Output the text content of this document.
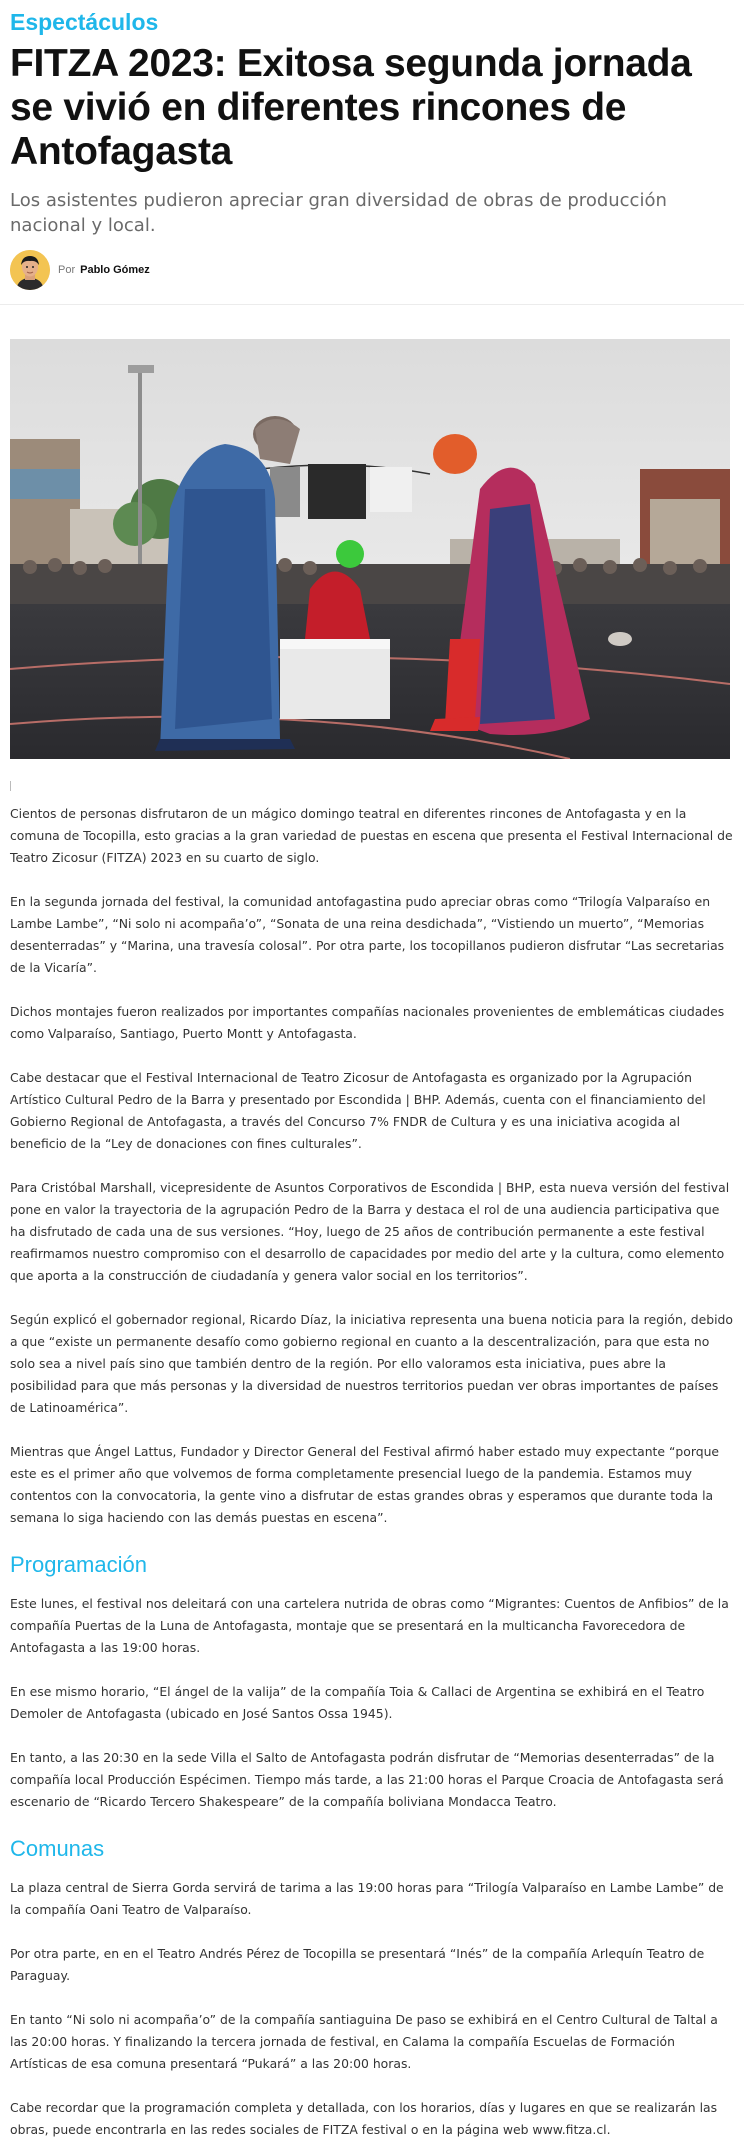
Espectáculos
FITZA 2023: Exitosa segunda jornada se vivió en diferentes rincones de Antofagasta

Los asistentes pudieron apreciar gran diversidad de obras de producción nacional y local.

Por Pablo Gómez

Cientos de personas disfrutaron de un mágico domingo teatral en diferentes rincones de Antofagasta y en la comuna de Tocopilla, esto gracias a la gran variedad de puestas en escena que presenta el Festival Internacional de Teatro Zicosur (FITZA) 2023 en su cuarto de siglo.

En la segunda jornada del festival, la comunidad antofagastina pudo apreciar obras como “Trilogía Valparaíso en Lambe Lambe”, “Ni solo ni acompaña’o”, “Sonata de una reina desdichada”, “Vistiendo un muerto”, “Memorias desenterradas” y “Marina, una travesía colosal”. Por otra parte, los tocopillanos pudieron disfrutar “Las secretarias de la Vicaría”.

Dichos montajes fueron realizados por importantes compañías nacionales provenientes de emblemáticas ciudades como Valparaíso, Santiago, Puerto Montt y Antofagasta.

Cabe destacar que el Festival Internacional de Teatro Zicosur de Antofagasta es organizado por la Agrupación Artístico Cultural Pedro de la Barra y presentado por Escondida | BHP. Además, cuenta con el financiamiento del Gobierno Regional de Antofagasta, a través del Concurso 7% FNDR de Cultura y es una iniciativa acogida al beneficio de la “Ley de donaciones con fines culturales”.

Para Cristóbal Marshall, vicepresidente de Asuntos Corporativos de Escondida | BHP, esta nueva versión del festival pone en valor la trayectoria de la agrupación Pedro de la Barra y destaca el rol de una audiencia participativa que ha disfrutado de cada una de sus versiones. “Hoy, luego de 25 años de contribución permanente a este festival reafirmamos nuestro compromiso con el desarrollo de capacidades por medio del arte y la cultura, como elemento que aporta a la construcción de ciudadanía y genera valor social en los territorios”.

Según explicó el gobernador regional, Ricardo Díaz, la iniciativa representa una buena noticia para la región, debido a que “existe un permanente desafío como gobierno regional en cuanto a la descentralización, para que esta no solo sea a nivel país sino que también dentro de la región. Por ello valoramos esta iniciativa, pues abre la posibilidad para que más personas y la diversidad de nuestros territorios puedan ver obras importantes de países de Latinoamérica”.

Mientras que Ángel Lattus, Fundador y Director General del Festival afirmó haber estado muy expectante “porque este es el primer año que volvemos de forma completamente presencial luego de la pandemia. Estamos muy contentos con la convocatoria, la gente vino a disfrutar de estas grandes obras y esperamos que durante toda la semana lo siga haciendo con las demás puestas en escena”.

Programación

Este lunes, el festival nos deleitará con una cartelera nutrida de obras como “Migrantes: Cuentos de Anfibios” de la compañía Puertas de la Luna de Antofagasta, montaje que se presentará en la multicancha Favorecedora de Antofagasta a las 19:00 horas.

En ese mismo horario, “El ángel de la valija” de la compañía Toia & Callaci de Argentina se exhibirá en el Teatro Demoler de Antofagasta (ubicado en José Santos Ossa 1945).

En tanto, a las 20:30 en la sede Villa el Salto de Antofagasta podrán disfrutar de “Memorias desenterradas” de la compañía local Producción Espécimen. Tiempo más tarde, a las 21:00 horas el Parque Croacia de Antofagasta será escenario de “Ricardo Tercero Shakespeare” de la compañía boliviana Mondacca Teatro.

Comunas

La plaza central de Sierra Gorda servirá de tarima a las 19:00 horas para “Trilogía Valparaíso en Lambe Lambe” de la compañía Oani Teatro de Valparaíso.

Por otra parte, en en el Teatro Andrés Pérez de Tocopilla se presentará “Inés” de la compañía Arlequín Teatro de Paraguay.

En tanto “Ni solo ni acompaña’o” de la compañía santiaguina De paso se exhibirá en el Centro Cultural de Taltal a las 20:00 horas. Y finalizando la tercera jornada de festival, en Calama la compañía Escuelas de Formación Artísticas de esa comuna presentará “Pukará” a las 20:00 horas.

Cabe recordar que la programación completa y detallada, con los horarios, días y lugares en que se realizarán las obras, puede encontrarla en las redes sociales de FITZA festival o en la página web www.fitza.cl.
